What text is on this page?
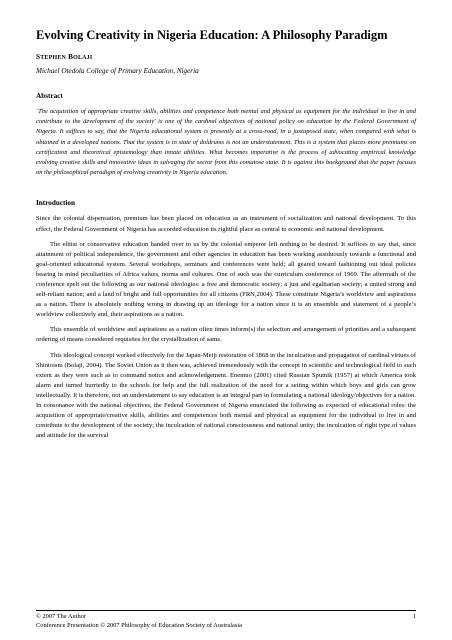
Evolving Creativity in Nigeria Education: A Philosophy Paradigm
STEPHEN BOLAJI
Michael Otedola College of Primary Education, Nigeria
Abstract

`The acquisition of appropriate creative skills, abilities and competence both mental and physical as equipment for the individual to live in and contribute to the development of the society' is one of the cardinal objectives of national policy on education by the Federal Government of Nigeria. It suffices to say, that the Nigeria educational system is presently at a cross-road, in a juxtaposed state, when compared with what is obtained in a developed nations. That the system is in state of doldrums is not an understatement. This is a system that places more premiums on certification and theoretical epistemology than innate abilities. What becomes imperative is the process of advocating empirical knowledge evolving creative skills and innovative ideas in salvaging the sector from this comatose state. It is against this background that the paper focuses on the philosophical paradigm of evolving creativity in Nigeria education.

Introduction

Since the colonial dispensation, premium has been placed on education as an instrument of socialization and national development. To this effect, the Federal Government of Nigeria has accorded education its rightful place as central to economic and national development.

The elitist or conservative education handed over to us by the colonial emperor left nothing to be desired. It suffices to say that, since attainment of political independence, the government and other agencies in education has been working assiduously towards a functional and goal-oriented educational system. Several workshops, seminars and conferences were held; all geared toward fashioning out ideal policies bearing in mind peculiarities of Africa values, norms and cultures. One of such was the curriculum conference of 1969. The aftermath of the conference spelt out the following as our national ideologies: a free and democratic society; a just and egalitarian society; a united strong and self-reliant nation; and a land of bright and full opportunities for all citizens (FRN,2004). These constitute Nigeria’s worldview and aspirations as a nation. There is absolutely nothing wrong in drawing up an ideology for a nation since it is an ensemble and statement of a people’s worldview collectively and, their aspirations as a nation.

This ensemble of worldview and aspirations as a nation often times inform(s) the selection and arrangement of priorities and a subsequent ordering of means considered requisites for the crystallization of same.

This ideological concept worked effectively for the Japan-Meiji restoration of 1868 in the inculcation and propagation of cardinal virtues of Shintoism (Bolaji, 2004). The Soviet Union as it then was, achieved tremendously with the concept in scientific and technological field to such extent as they were such as to command notice and acknowledgement. Enemuo (2001) cited Russian Sputnik (1957) at which America took alarm and turned hurriedly to the schools for help and the full realization of the need for a setting within which boys and girls can grow intellectually. It is therefore, not an understatement to say education is an integral part in formulating a national ideology/objectives for a nation. In consonance with the national objectives, the Federal Government of Nigeria enunciated the following as expected of educational roles: the acquisition of appropriate/creative skills, abilities and competences both mental and physical as equipment for the individual to live in and contribute to the development of the society; the inculcation of national consciousness and national unity; the inculcation of right type of values and attitude for the survival

© 2007 The Author
Conference Presentation © 2007 Philosophy of Education Society of Australasia
1
